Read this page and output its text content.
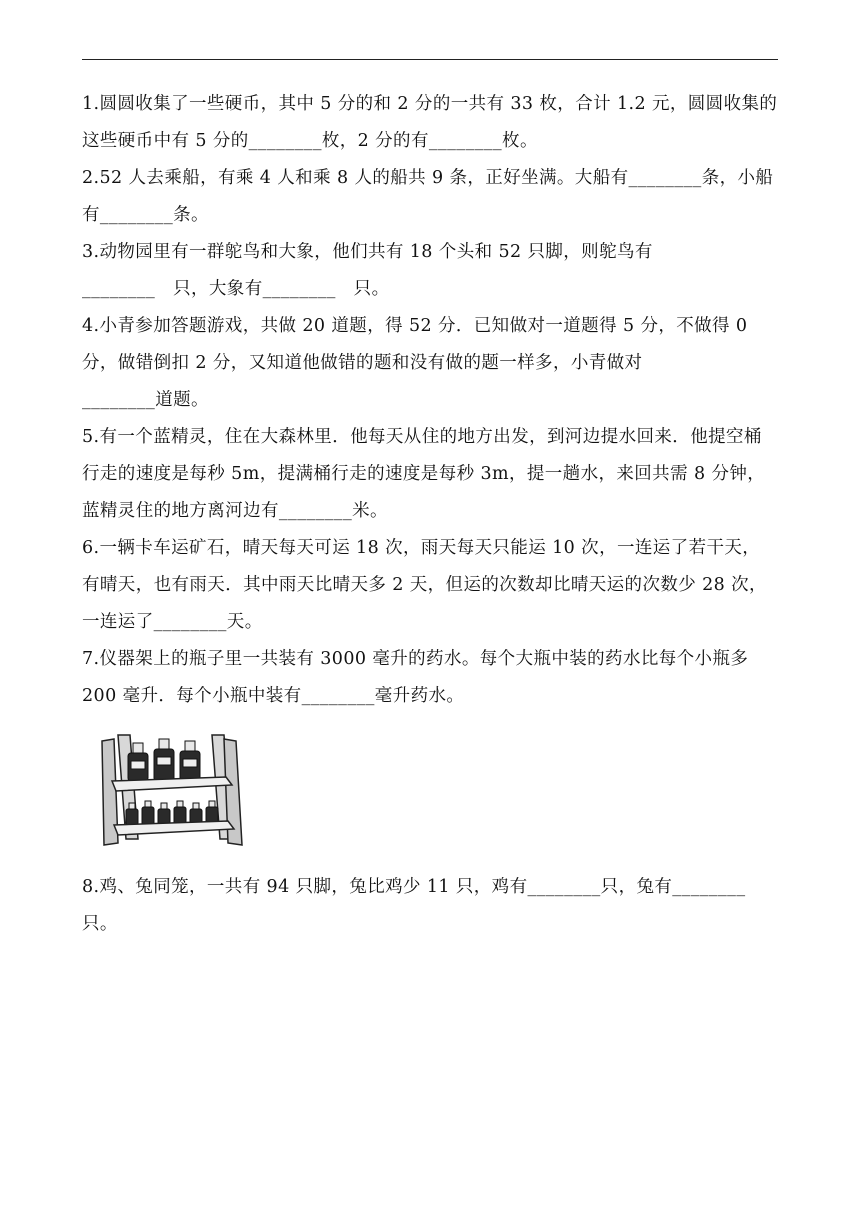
1.圆圆收集了一些硬币，其中 5 分的和 2 分的一共有 33 枚，合计 1.2 元，圆圆收集的这些硬币中有 5 分的________枚，2 分的有________枚。

2.52 人去乘船，有乘 4 人和乘 8 人的船共 9 条，正好坐满。大船有________条，小船有________条。

3.动物园里有一群鸵鸟和大象，他们共有 18 个头和 52 只脚，则鸵鸟有
________   只，大象有________   只。

4.小青参加答题游戏，共做 20 道题，得 52 分．已知做对一道题得 5 分，不做得 0 分，做错倒扣 2 分，又知道他做错的题和没有做的题一样多，小青做对
________道题。

5.有一个蓝精灵，住在大森林里．他每天从住的地方出发，到河边提水回来．他提空桶行走的速度是每秒 5m，提满桶行走的速度是每秒 3m，提一趟水，来回共需 8 分钟，蓝精灵住的地方离河边有________米。

6.一辆卡车运矿石，晴天每天可运 18 次，雨天每天只能运 10 次，一连运了若干天，有晴天，也有雨天．其中雨天比晴天多 2 天，但运的次数却比晴天运的次数少 28 次，一连运了________天。

7.仪器架上的瓶子里一共装有 3000 毫升的药水。每个大瓶中装的药水比每个小瓶多 200 毫升．每个小瓶中装有________毫升药水。

8.鸡、兔同笼，一共有 94 只脚，兔比鸡少 11 只，鸡有________只，兔有________只。
